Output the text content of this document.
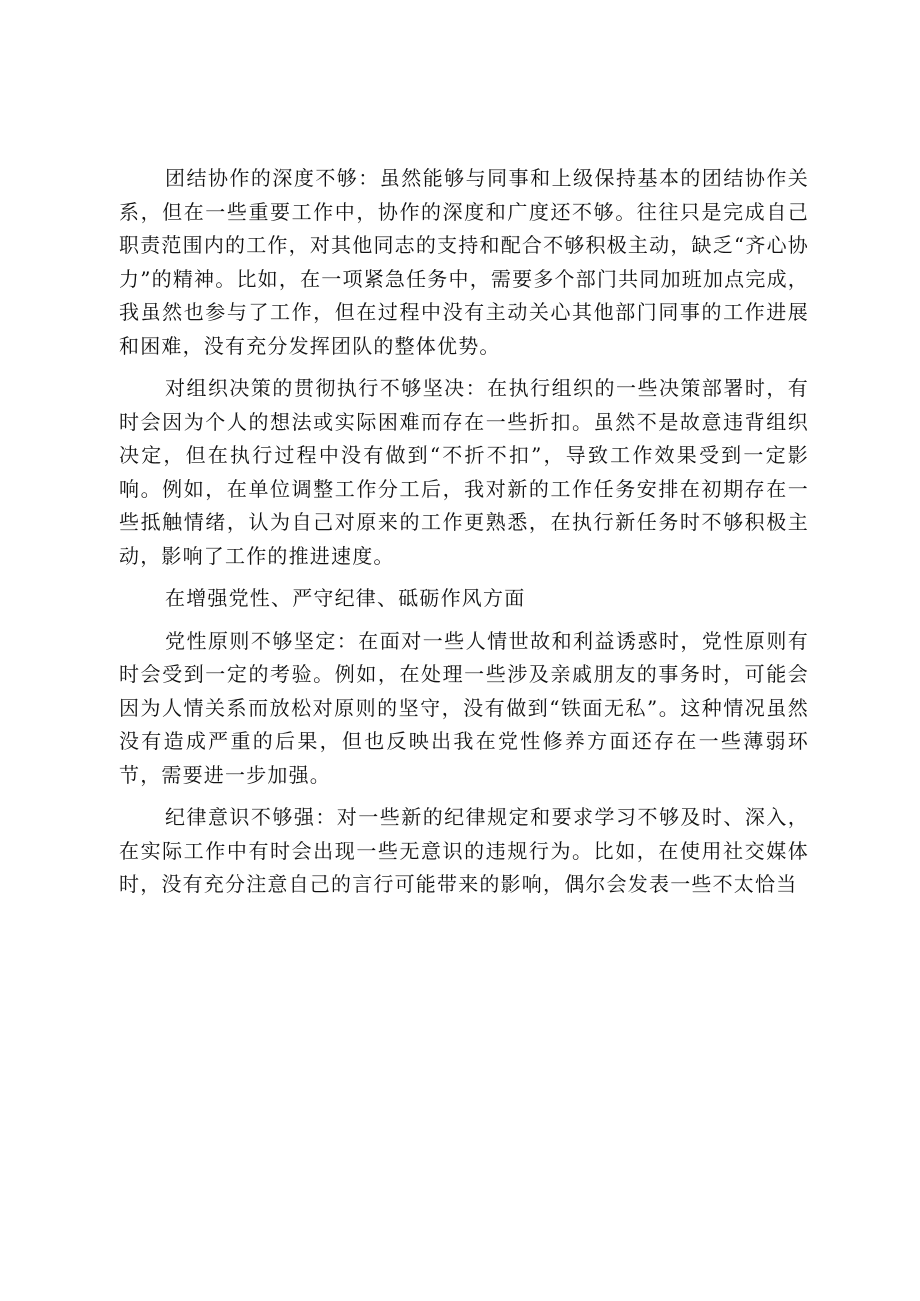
团结协作的深度不够：虽然能够与同事和上级保持基本的团结协作关系，但在一些重要工作中，协作的深度和广度还不够。往往只是完成自己职责范围内的工作，对其他同志的支持和配合不够积极主动，缺乏“齐心协力”的精神。比如，在一项紧急任务中，需要多个部门共同加班加点完成，我虽然也参与了工作，但在过程中没有主动关心其他部门同事的工作进展和困难，没有充分发挥团队的整体优势。

对组织决策的贯彻执行不够坚决：在执行组织的一些决策部署时，有时会因为个人的想法或实际困难而存在一些折扣。虽然不是故意违背组织决定，但在执行过程中没有做到“不折不扣”，导致工作效果受到一定影响。例如，在单位调整工作分工后，我对新的工作任务安排在初期存在一些抵触情绪，认为自己对原来的工作更熟悉，在执行新任务时不够积极主动，影响了工作的推进速度。

在增强党性、严守纪律、砥砺作风方面

党性原则不够坚定：在面对一些人情世故和利益诱惑时，党性原则有时会受到一定的考验。例如，在处理一些涉及亲戚朋友的事务时，可能会因为人情关系而放松对原则的坚守，没有做到“铁面无私”。这种情况虽然没有造成严重的后果，但也反映出我在党性修养方面还存在一些薄弱环节，需要进一步加强。

纪律意识不够强：对一些新的纪律规定和要求学习不够及时、深入，在实际工作中有时会出现一些无意识的违规行为。比如，在使用社交媒体时，没有充分注意自己的言行可能带来的影响，偶尔会发表一些不太恰当
